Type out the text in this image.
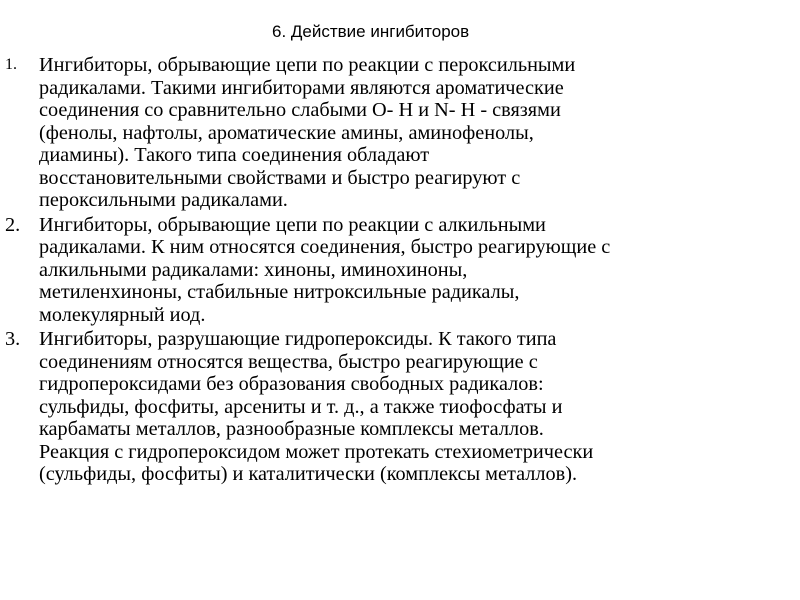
6. Действие ингибиторов
1. Ингибиторы, обрывающие цепи по реакции с пероксильными
радикалами. Такими ингибиторами являются ароматические
соединения со сравнительно слабыми О- Н и N- Н - связями
(фенолы, нафтолы, ароматические амины, аминофенолы,
диамины). Такого типа соединения обладают
восстановительными свойствами и быстро реагируют с
пероксильными радикалами.
2. Ингибиторы, обрывающие цепи по реакции с алкильными
радикалами. К ним относятся соединения, быстро реагирующие с
алкильными радикалами: хиноны, иминохиноны,
метиленхиноны, стабильные нитроксильные радикалы,
молекулярный иод.
3. Ингибиторы, разрушающие гидропероксиды. К такого типа
соединениям относятся вещества, быстро реагирующие с
гидропероксидами без образования свободных радикалов:
сульфиды, фосфиты, арсениты и т. д., а также тиофосфаты и
карбаматы металлов, разнообразные комплексы металлов.
Реакция с гидропероксидом может протекать стехиометрически
(сульфиды, фосфиты) и каталитически (комплексы металлов).
